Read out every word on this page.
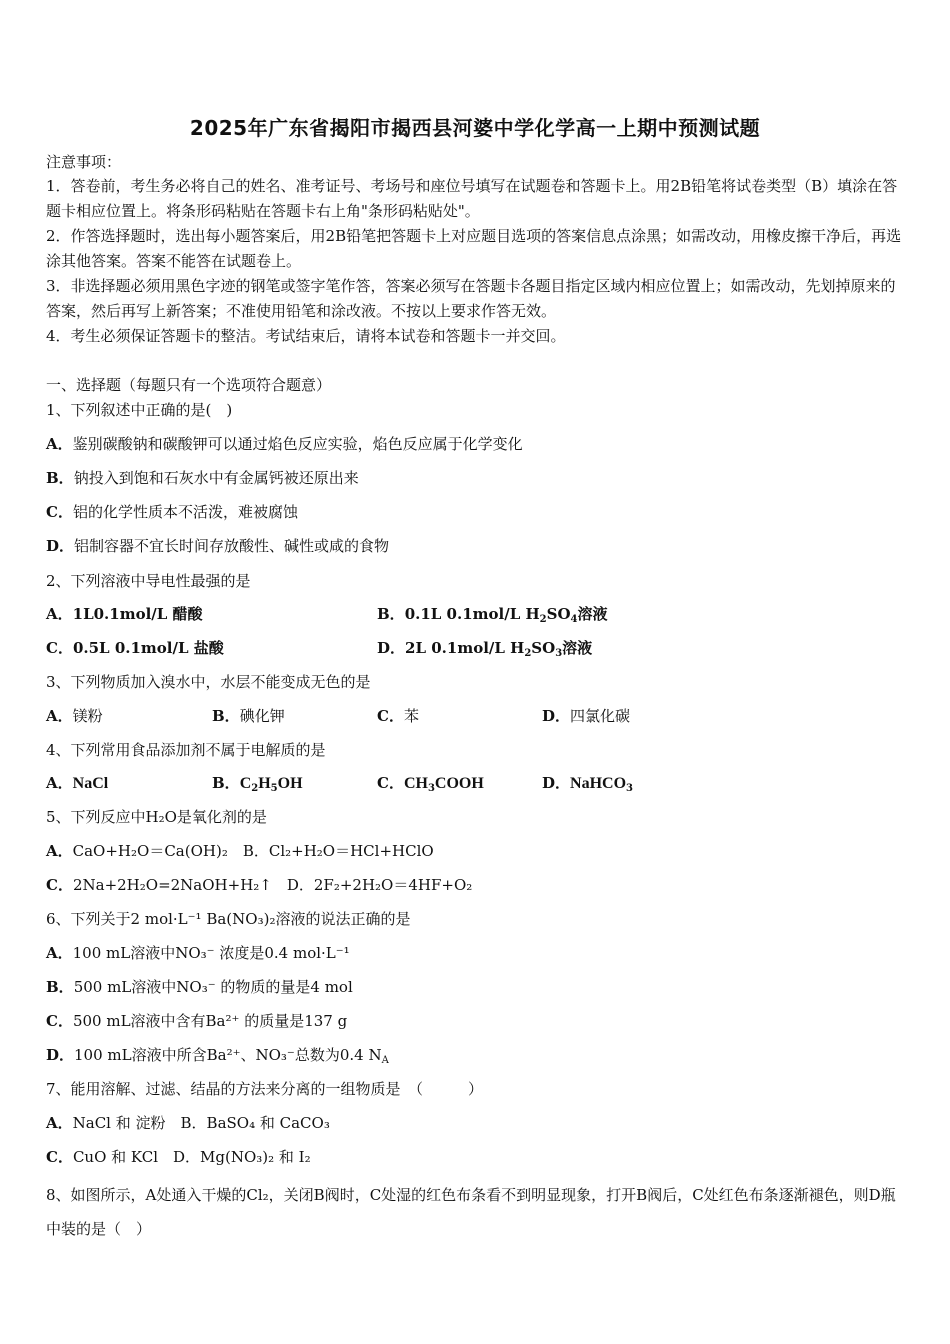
2025年广东省揭阳市揭西县河婆中学化学高一上期中预测试题
注意事项：
1．答卷前，考生务必将自己的姓名、准考证号、考场号和座位号填写在试题卷和答题卡上。用2B铅笔将试卷类型（B）填涂在答题卡相应位置上。将条形码粘贴在答题卡右上角"条形码粘贴处"。
2．作答选择题时，选出每小题答案后，用2B铅笔把答题卡上对应题目选项的答案信息点涂黑；如需改动，用橡皮擦干净后，再选涂其他答案。答案不能答在试题卷上。
3．非选择题必须用黑色字迹的钢笔或签字笔作答，答案必须写在答题卡各题目指定区域内相应位置上；如需改动，先划掉原来的答案，然后再写上新答案；不准使用铅笔和涂改液。不按以上要求作答无效。
4．考生必须保证答题卡的整洁。考试结束后，请将本试卷和答题卡一并交回。
一、选择题（每题只有一个选项符合题意）
1、下列叙述中正确的是(　)
A．鉴别碳酸钠和碳酸钾可以通过焰色反应实验，焰色反应属于化学变化
B．钠投入到饱和石灰水中有金属钙被还原出来
C．铝的化学性质本不活泼，难被腐蚀
D．铝制容器不宜长时间存放酸性、碱性或咸的食物
2、下列溶液中导电性最强的是
A．1L0.1mol/L 醋酸	B．0.1L 0.1mol/L $H_2SO_4$溶液
C．0.5L 0.1mol/L 盐酸	D．2L 0.1mol/L $H_2SO_3$溶液
3、下列物质加入溴水中，水层不能变成无色的是
A．镁粉	B．碘化钾	C．苯	D．四氯化碳
4、下列常用食品添加剂不属于电解质的是
A．NaCl	B．$C_2H_5OH$	C．$CH_3COOH$	D．NaHCO$_3$
5、下列反应中H₂O是氧化剂的是
A．CaO+H₂O＝Ca(OH)₂　B．Cl₂+H₂O＝HCl+HClO
C．2Na+2H₂O=2NaOH+H₂↑　D．2F₂+2H₂O＝4HF+O₂
6、下列关于2 mol·L⁻¹ Ba(NO₃)₂溶液的说法正确的是
A．100 mL溶液中NO₃⁻ 浓度是0.4 mol·L⁻¹
B．500 mL溶液中NO₃⁻ 的物质的量是4 mol
C．500 mL溶液中含有Ba²⁺ 的质量是137 g
D．100 mL溶液中所含Ba²⁺、NO₃⁻总数为0.4 $N_A$
7、能用溶解、过滤、结晶的方法来分离的一组物质是　（　　　）
A．NaCl 和 淀粉　B．BaSO₄ 和 CaCO₃
C．CuO 和 KCl　D．Mg(NO₃)₂ 和 I₂
8、如图所示，A处通入干燥的Cl₂，关闭B阀时，C处湿的红色布条看不到明显现象，打开B阀后，C处红色布条逐渐褪色，则D瓶中装的是（　）
